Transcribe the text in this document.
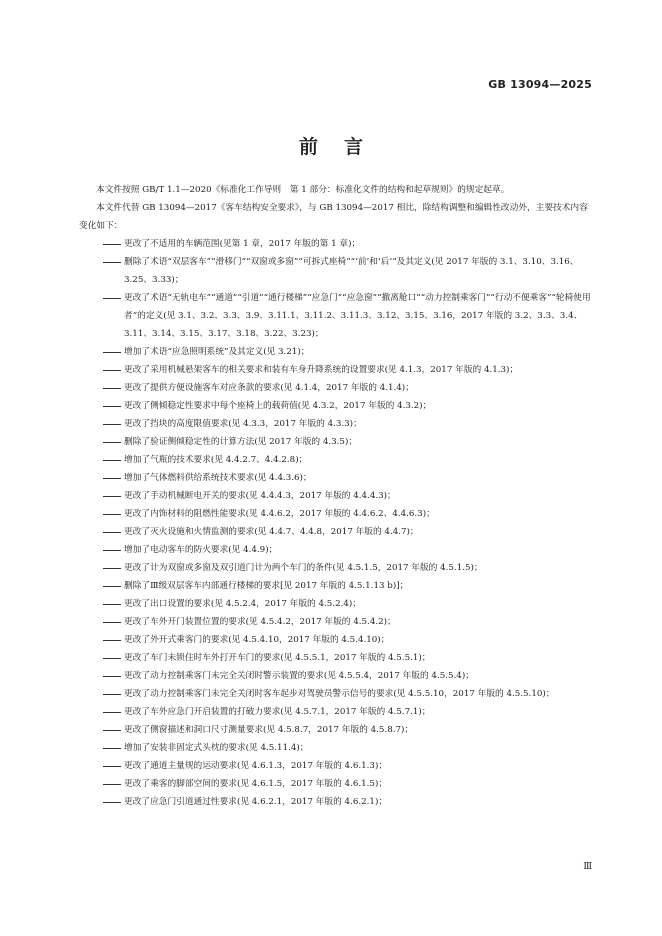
GB 13094—2025
前言

本文件按照 GB/T 1.1—2020《标准化工作导则　第 1 部分：标准化文件的结构和起草规则》的规定起草。

本文件代替 GB 13094—2017《客车结构安全要求》，与 GB 13094—2017 相比，除结构调整和编辑性改动外，主要技术内容变化如下：

更改了不适用的车辆范围(见第 1 章，2017 年版的第 1 章)；

删除了术语“双层客车”“滑移门”“双窗或多窗”“可拆式座椅”“‘前’和‘后’”及其定义(见 2017 年版的 3.1、3.10、3.16、3.25、3.33)；

更改了术语“无轨电车”“通道”“引道”“通行楼梯”“应急门”“应急窗”“撤离舱口”“动力控制乘客门”“行动不便乘客”“轮椅使用者”的定义(见 3.1、3.2、3.3、3.9、3.11.1、3.11.2、3.11.3、3.12、3.15、3.16，2017 年版的 3.2、3.3、3.4、3.11、3.14、3.15、3.17、3.18、3.22、3.23)；

增加了术语“应急照明系统”及其定义(见 3.21)；

更改了采用机械悬架客车的相关要求和装有车身升降系统的设置要求(见 4.1.3，2017 年版的 4.1.3)；

更改了提供方便设施客车对应条款的要求(见 4.1.4，2017 年版的 4.1.4)；

更改了侧倾稳定性要求中每个座椅上的载荷值(见 4.3.2，2017 年版的 4.3.2)；

更改了挡块的高度限值要求(见 4.3.3，2017 年版的 4.3.3)；

删除了验证侧倾稳定性的计算方法(见 2017 年版的 4.3.5)；

增加了气瓶的技术要求(见 4.4.2.7、4.4.2.8)；

增加了气体燃料供给系统技术要求(见 4.4.3.6)；

更改了手动机械断电开关的要求(见 4.4.4.3，2017 年版的 4.4.4.3)；

更改了内饰材料的阻燃性能要求(见 4.4.6.2，2017 年版的 4.4.6.2、4.4.6.3)；

更改了灭火设施和火情监测的要求(见 4.4.7、4.4.8，2017 年版的 4.4.7)；

增加了电动客车的防火要求(见 4.4.9)；

更改了计为双窗或多窗及双引道门计为两个车门的条件(见 4.5.1.5，2017 年版的 4.5.1.5)；

删除了Ⅲ级双层客车内部通行楼梯的要求[见 2017 年版的 4.5.1.13 b)]；

更改了出口设置的要求(见 4.5.2.4，2017 年版的 4.5.2.4)；

更改了车外开门装置位置的要求(见 4.5.4.2，2017 年版的 4.5.4.2)；

更改了外开式乘客门的要求(见 4.5.4.10，2017 年版的 4.5.4.10)；

更改了车门未锁住时车外打开车门的要求(见 4.5.5.1，2017 年版的 4.5.5.1)；

更改了动力控制乘客门未完全关闭时警示装置的要求(见 4.5.5.4，2017 年版的 4.5.5.4)；

更改了动力控制乘客门未完全关闭时客车起步对驾驶员警示信号的要求(见 4.5.5.10，2017 年版的 4.5.5.10)；

更改了车外应急门开启装置的打破力要求(见 4.5.7.1，2017 年版的 4.5.7.1)；

更改了侧窗描述和洞口尺寸测量要求(见 4.5.8.7，2017 年版的 4.5.8.7)；

增加了安装非固定式头枕的要求(见 4.5.11.4)；

更改了通道主量规的运动要求(见 4.6.1.3，2017 年版的 4.6.1.3)；

更改了乘客的脚部空间的要求(见 4.6.1.5，2017 年版的 4.6.1.5)；

更改了应急门引道通过性要求(见 4.6.2.1，2017 年版的 4.6.2.1)；

Ⅲ
